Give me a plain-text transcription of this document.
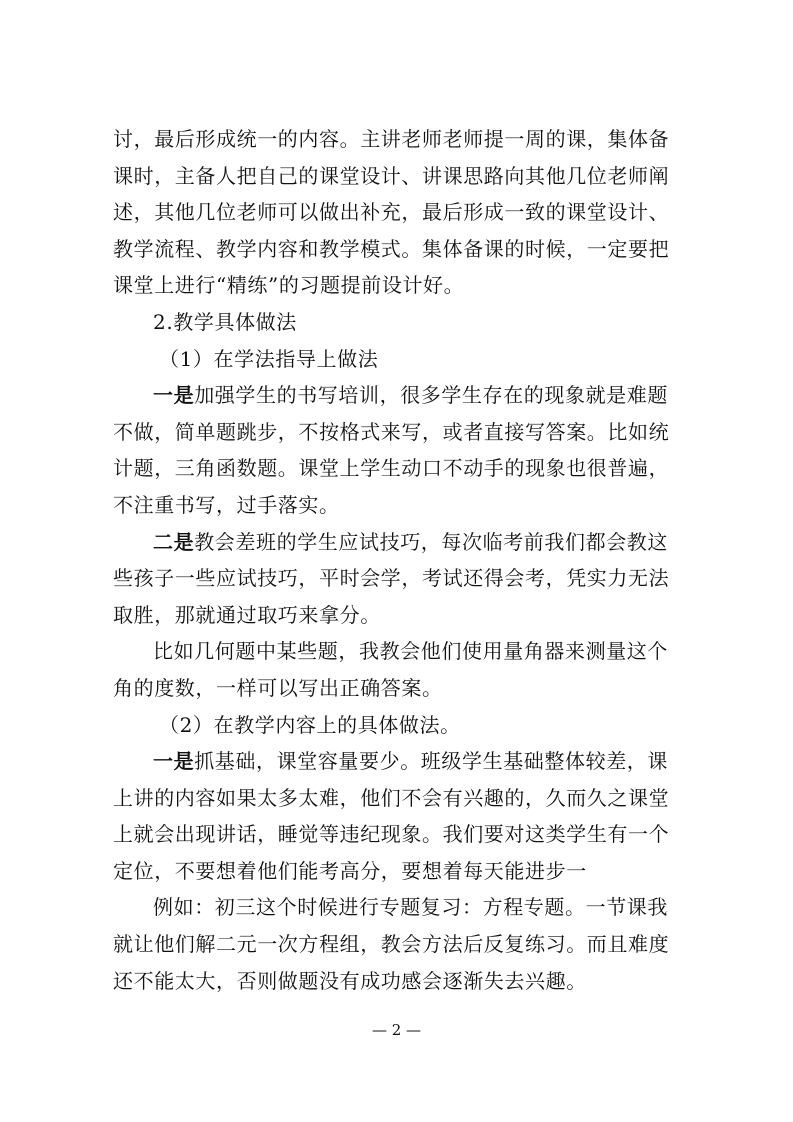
讨，最后形成统一的内容。主讲老师老师提一周的课，集体备
课时，主备人把自己的课堂设计、讲课思路向其他几位老师阐
述，其他几位老师可以做出补充，最后形成一致的课堂设计、
教学流程、教学内容和教学模式。集体备课的时候，一定要把
课堂上进行“精练”的习题提前设计好。
2.教学具体做法
（1）在学法指导上做法
一是加强学生的书写培训，很多学生存在的现象就是难题
不做，简单题跳步，不按格式来写，或者直接写答案。比如统
计题，三角函数题。课堂上学生动口不动手的现象也很普遍，
不注重书写，过手落实。
二是教会差班的学生应试技巧，每次临考前我们都会教这
些孩子一些应试技巧，平时会学，考试还得会考，凭实力无法
取胜，那就通过取巧来拿分。
比如几何题中某些题，我教会他们使用量角器来测量这个
角的度数，一样可以写出正确答案。
（2）在教学内容上的具体做法。
一是抓基础，课堂容量要少。班级学生基础整体较差，课
上讲的内容如果太多太难，他们不会有兴趣的，久而久之课堂
上就会出现讲话，睡觉等违纪现象。我们要对这类学生有一个
定位，不要想着他们能考高分，要想着每天能进步一
例如：初三这个时候进行专题复习：方程专题。一节课我
就让他们解二元一次方程组，教会方法后反复练习。而且难度
还不能太大，否则做题没有成功感会逐渐失去兴趣。
— 2 —
